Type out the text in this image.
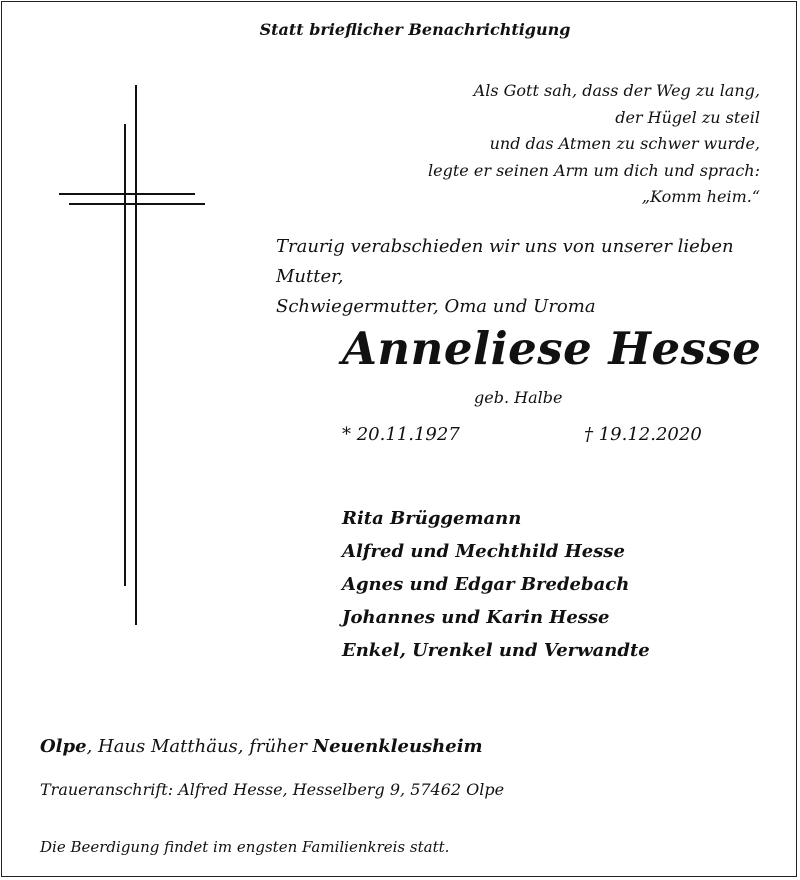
Statt brieflicher Benachrichtigung
Als Gott sah, dass der Weg zu lang,
der Hügel zu steil
und das Atmen zu schwer wurde,
legte er seinen Arm um dich und sprach:
„Komm heim.“
Traurig verabschieden wir uns von unserer lieben Mutter,
Schwiegermutter, Oma und Uroma
Anneliese Hesse
geb. Halbe
* 20.11.1927	† 19.12.2020
Rita Brüggemann
Alfred und Mechthild Hesse
Agnes und Edgar Bredebach
Johannes und Karin Hesse
Enkel, Urenkel und Verwandte
Olpe, Haus Matthäus, früher Neuenkleusheim
Traueranschrift: Alfred Hesse, Hesselberg 9, 57462 Olpe
Die Beerdigung findet im engsten Familienkreis statt.
